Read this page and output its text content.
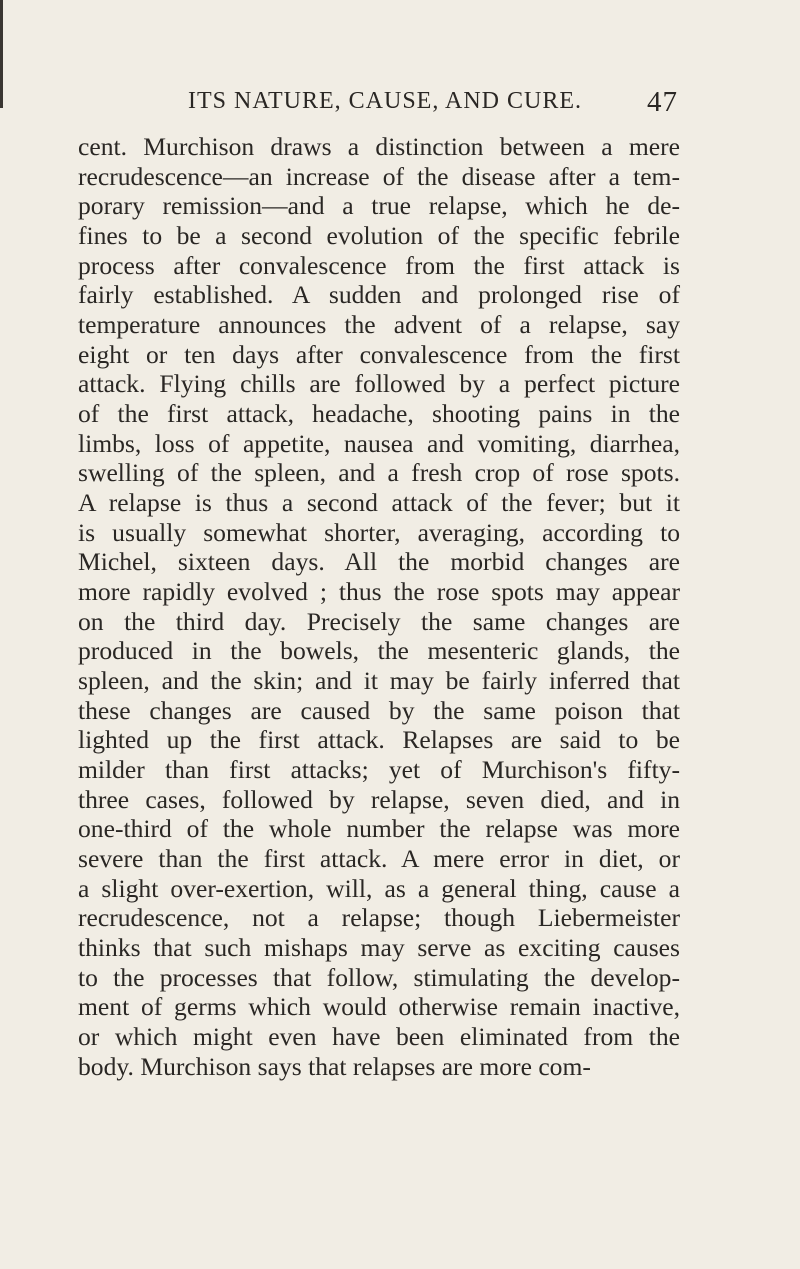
ITS NATURE, CAUSE, AND CURE. 47
cent. Murchison draws a distinction between a mere
recrudescence—an increase of the disease after a tem-
porary remission—and a true relapse, which he de-
fines to be a second evolution of the specific febrile
process after convalescence from the first attack is
fairly established. A sudden and prolonged rise of
temperature announces the advent of a relapse, say
eight or ten days after convalescence from the first
attack. Flying chills are followed by a perfect picture
of the first attack, headache, shooting pains in the
limbs, loss of appetite, nausea and vomiting, diarrhea,
swelling of the spleen, and a fresh crop of rose spots.
A relapse is thus a second attack of the fever; but it
is usually somewhat shorter, averaging, according to
Michel, sixteen days. All the morbid changes are
more rapidly evolved ; thus the rose spots may appear
on the third day. Precisely the same changes are
produced in the bowels, the mesenteric glands, the
spleen, and the skin; and it may be fairly inferred that
these changes are caused by the same poison that
lighted up the first attack. Relapses are said to be
milder than first attacks; yet of Murchison's fifty-
three cases, followed by relapse, seven died, and in
one-third of the whole number the relapse was more
severe than the first attack. A mere error in diet, or
a slight over-exertion, will, as a general thing, cause a
recrudescence, not a relapse; though Liebermeister
thinks that such mishaps may serve as exciting causes
to the processes that follow, stimulating the develop-
ment of germs which would otherwise remain inactive,
or which might even have been eliminated from the
body. Murchison says that relapses are more com-
